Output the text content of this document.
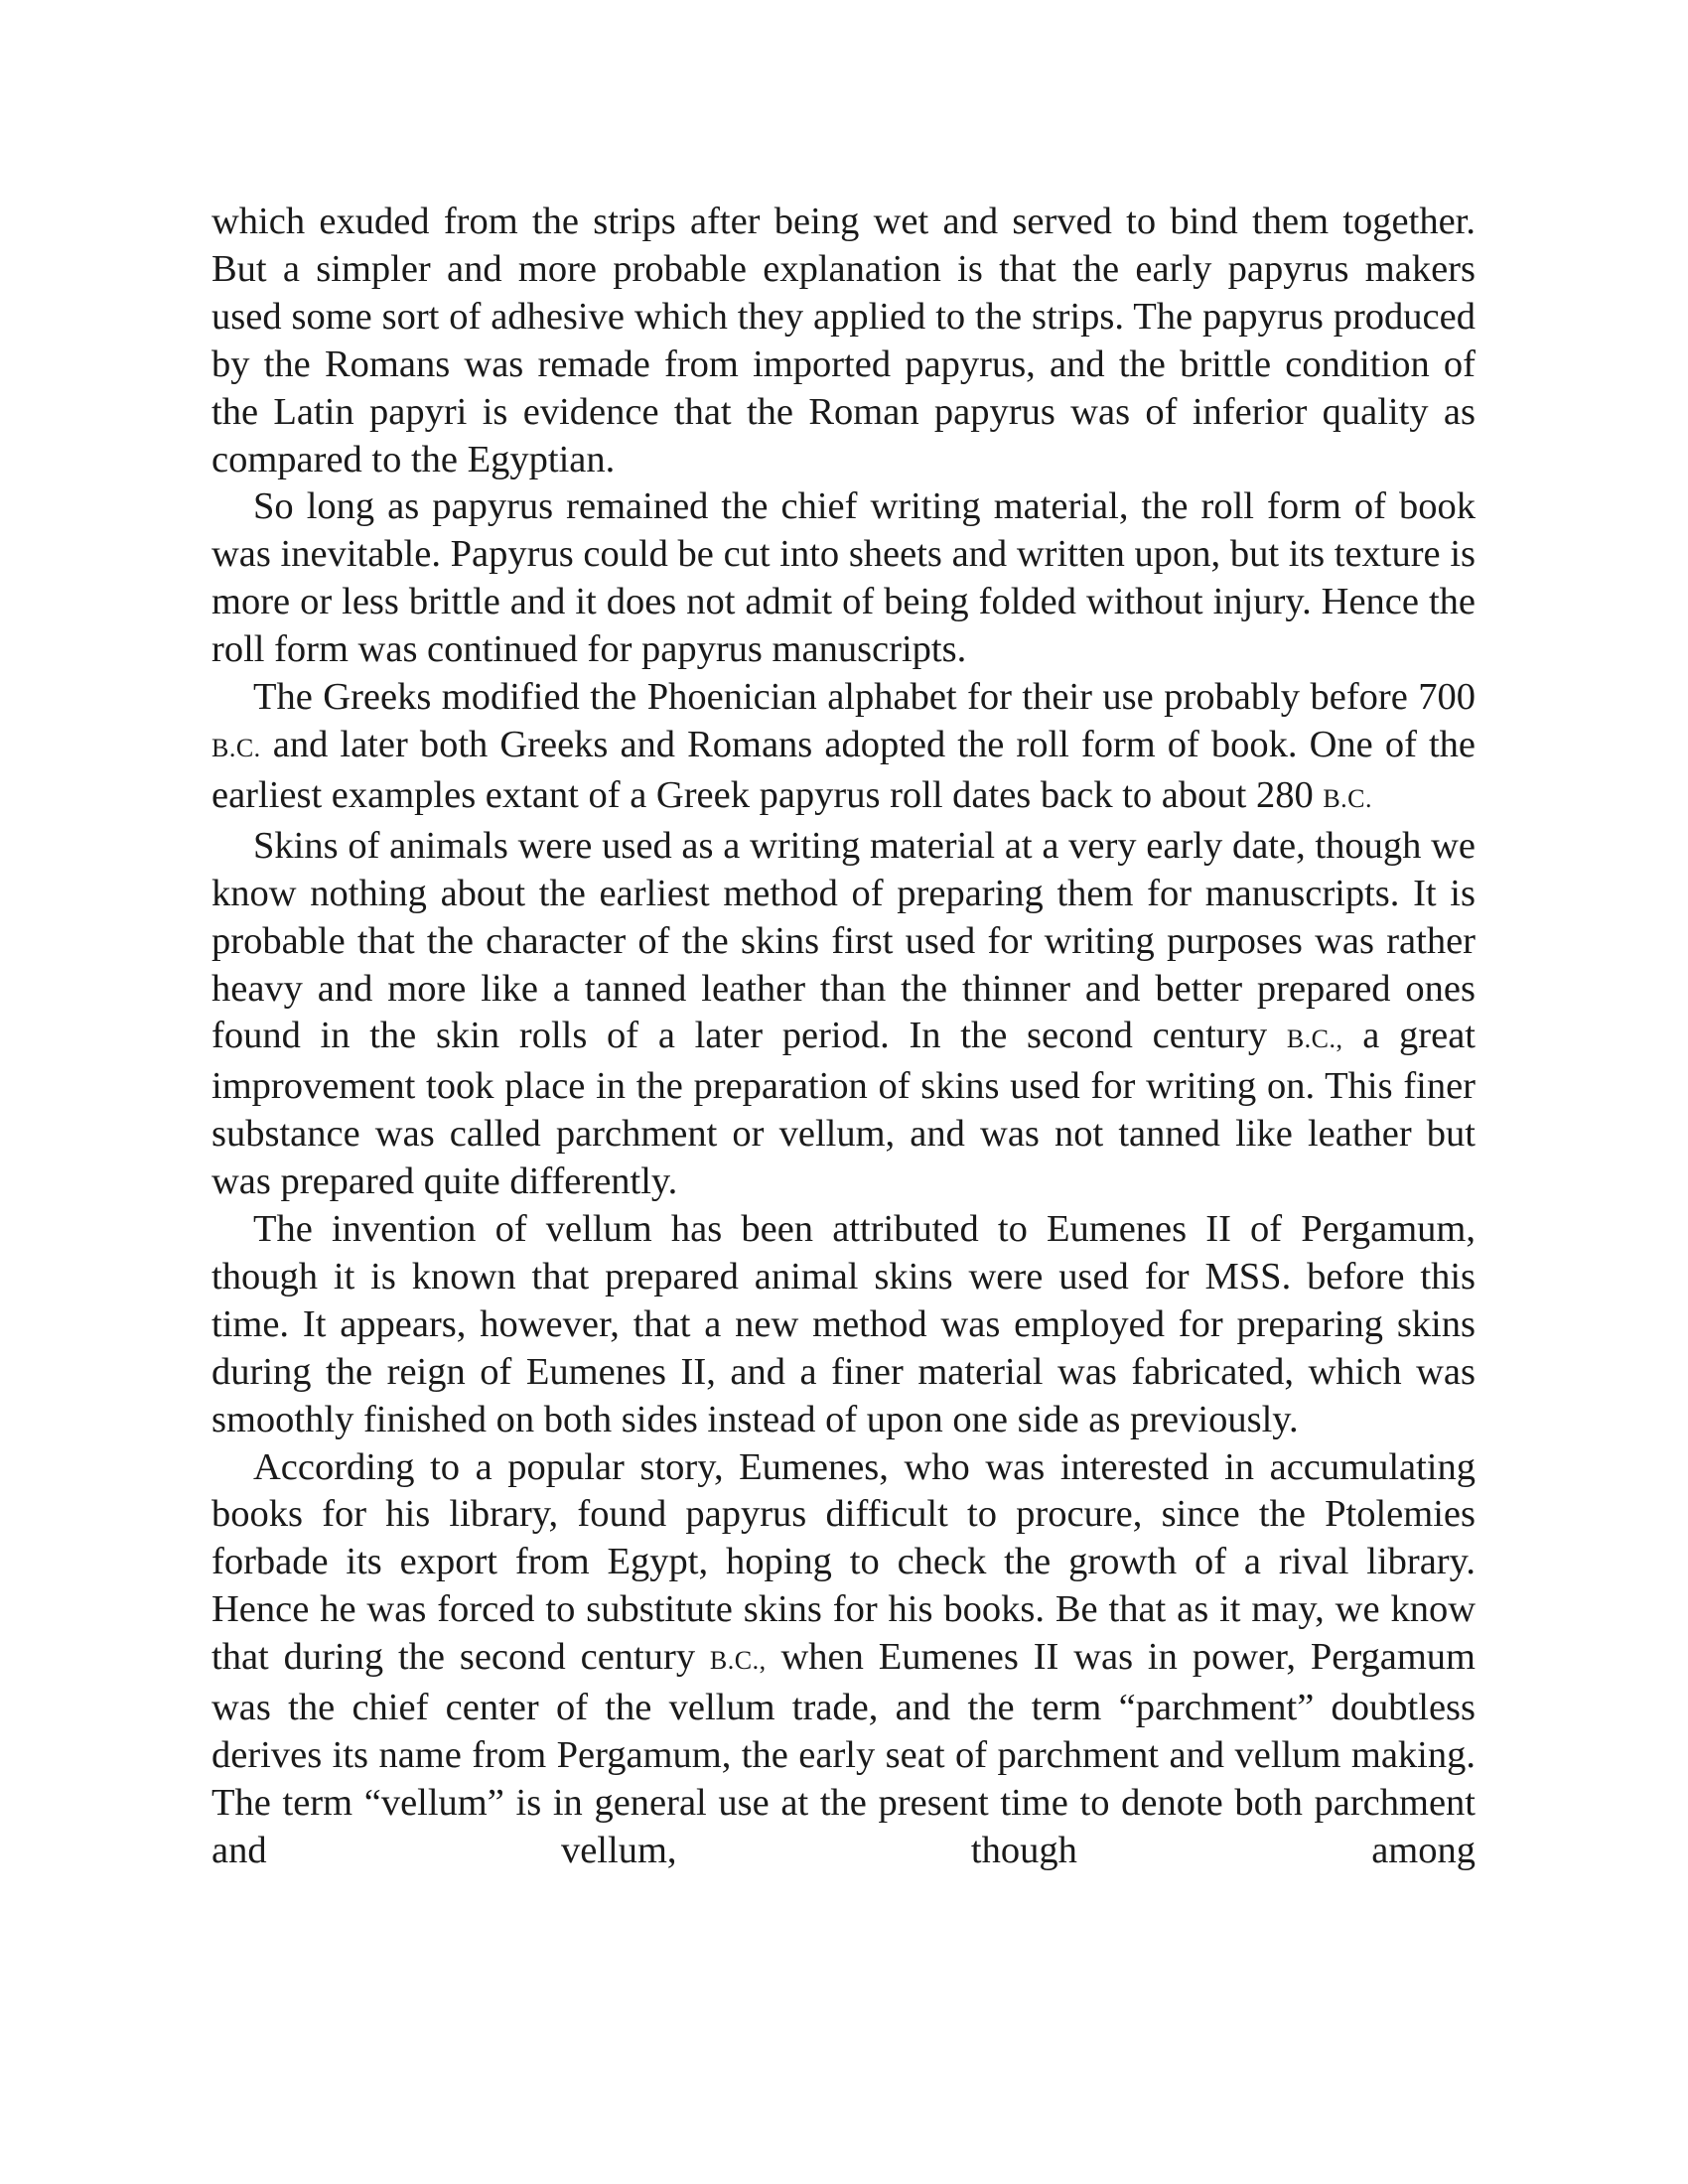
which exuded from the strips after being wet and served to bind them together. But a simpler and more probable explanation is that the early papyrus makers used some sort of adhesive which they applied to the strips. The papyrus produced by the Romans was remade from imported papyrus, and the brittle condition of the Latin papyri is evidence that the Roman papyrus was of inferior quality as compared to the Egyptian.

So long as papyrus remained the chief writing material, the roll form of book was inevitable. Papyrus could be cut into sheets and written upon, but its texture is more or less brittle and it does not admit of being folded without injury. Hence the roll form was continued for papyrus manuscripts.

The Greeks modified the Phoenician alphabet for their use probably before 700 B.C. and later both Greeks and Romans adopted the roll form of book. One of the earliest examples extant of a Greek papyrus roll dates back to about 280 B.C.

Skins of animals were used as a writing material at a very early date, though we know nothing about the earliest method of preparing them for manuscripts. It is probable that the character of the skins first used for writing purposes was rather heavy and more like a tanned leather than the thinner and better prepared ones found in the skin rolls of a later period. In the second century B.C., a great improvement took place in the preparation of skins used for writing on. This finer substance was called parchment or vellum, and was not tanned like leather but was prepared quite differently.

The invention of vellum has been attributed to Eumenes II of Pergamum, though it is known that prepared animal skins were used for MSS. before this time. It appears, however, that a new method was employed for preparing skins during the reign of Eumenes II, and a finer material was fabricated, which was smoothly finished on both sides instead of upon one side as previously.

According to a popular story, Eumenes, who was interested in accumulating books for his library, found papyrus difficult to procure, since the Ptolemies forbade its export from Egypt, hoping to check the growth of a rival library. Hence he was forced to substitute skins for his books. Be that as it may, we know that during the second century B.C., when Eumenes II was in power, Pergamum was the chief center of the vellum trade, and the term “parchment” doubtless derives its name from Pergamum, the early seat of parchment and vellum making. The term “vellum” is in general use at the present time to denote both parchment and vellum, though among
